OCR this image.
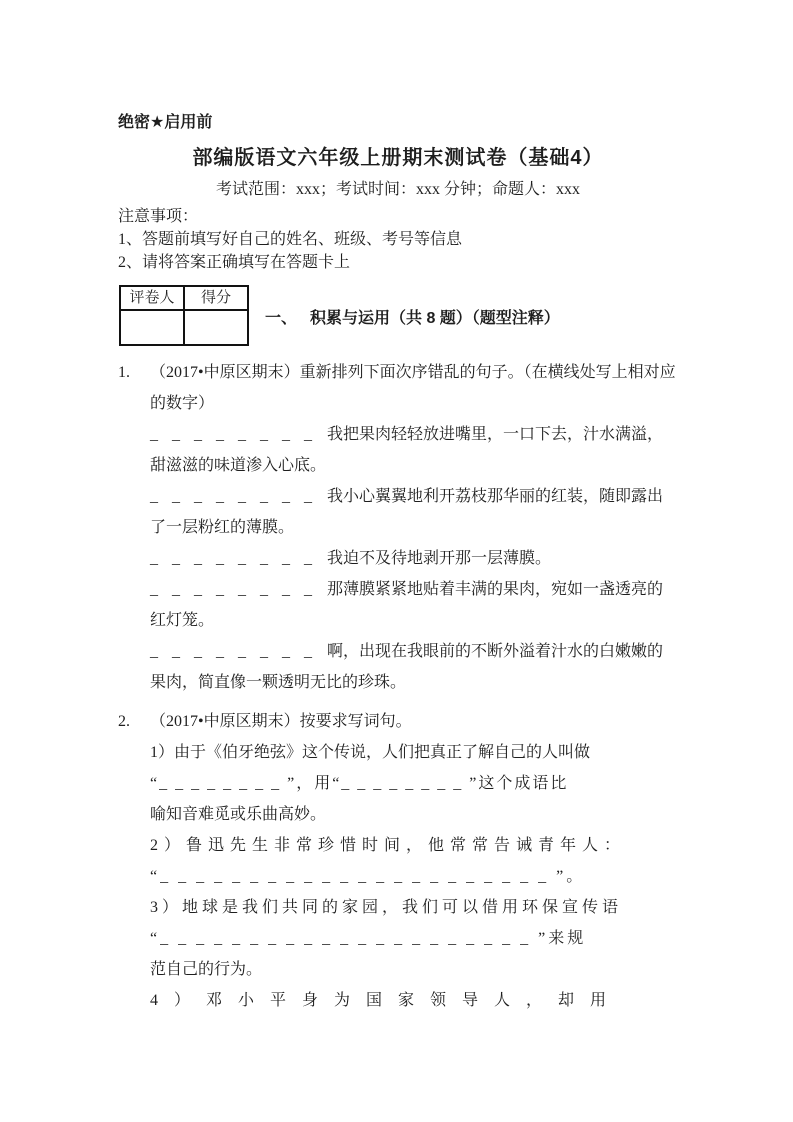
绝密★启用前
部编版语文六年级上册期末测试卷（基础4）
考试范围：xxx；考试时间：xxx 分钟；命题人：xxx
注意事项：
1、答题前填写好自己的姓名、班级、考号等信息
2、请将答案正确填写在答题卡上
评卷人	得分

一、 积累与运用（共 8 题）（题型注释）
1.	（2017•中原区期末）重新排列下面次序错乱的句子。（在横线处写上相对应的数字）

_ _ _ _ _ _ _ _ 我把果肉轻轻放进嘴里，一口下去，汁水满溢，甜滋滋的味道渗入心底。

_ _ _ _ _ _ _ _ 我小心翼翼地利开荔枝那华丽的红装，随即露出了一层粉红的薄膜。

_ _ _ _ _ _ _ _ 我迫不及待地剥开那一层薄膜。

_ _ _ _ _ _ _ _ 那薄膜紧紧地贴着丰满的果肉，宛如一盏透亮的红灯笼。

_ _ _ _ _ _ _ _ 啊，出现在我眼前的不断外溢着汁水的白嫩嫩的果肉，简直像一颗透明无比的珍珠。

2.	（2017•中原区期末）按要求写词句。

1）由于《伯牙绝弦》这个传说，人们把真正了解自己的人叫做
“_ _ _ _ _ _ _ _ ”，用“_ _ _ _ _ _ _ _ ”这个成语比
喻知音难觅或乐曲高妙。
2）鲁迅先生非常珍惜时间，他常常告诫青年人：
“_ _ _ _ _ _ _ _ _ _ _ _ _ _ _ _ _ _ _ _ _ _ ”。
3）地球是我们共同的家园，我们可以借用环保宣传语
“_ _ _ _ _ _ _ _ _ _ _ _ _ _ _ _ _ _ _ _ _ ”来规
范自己的行为。
4）邓小平身为国家领导人，却用
